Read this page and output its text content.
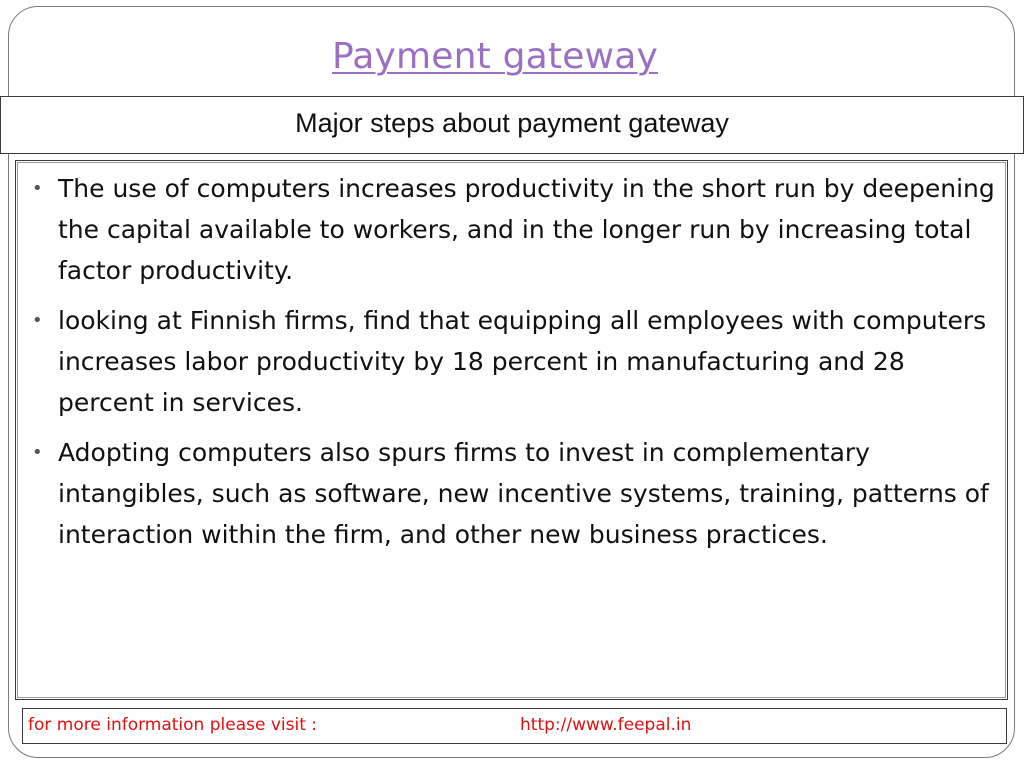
Payment gateway
Major steps about payment gateway
• The use of computers increases productivity in the short run by deepening the capital available to workers, and in the longer run by increasing total factor productivity.
• looking at Finnish firms, find that equipping all employees with computers increases labor productivity by 18 percent in manufacturing and 28 percent in services.
• Adopting computers also spurs firms to invest in complementary intangibles, such as software, new incentive systems, training, patterns of interaction within the firm, and other new business practices.
for more information please visit :	http://www.feepal.in
